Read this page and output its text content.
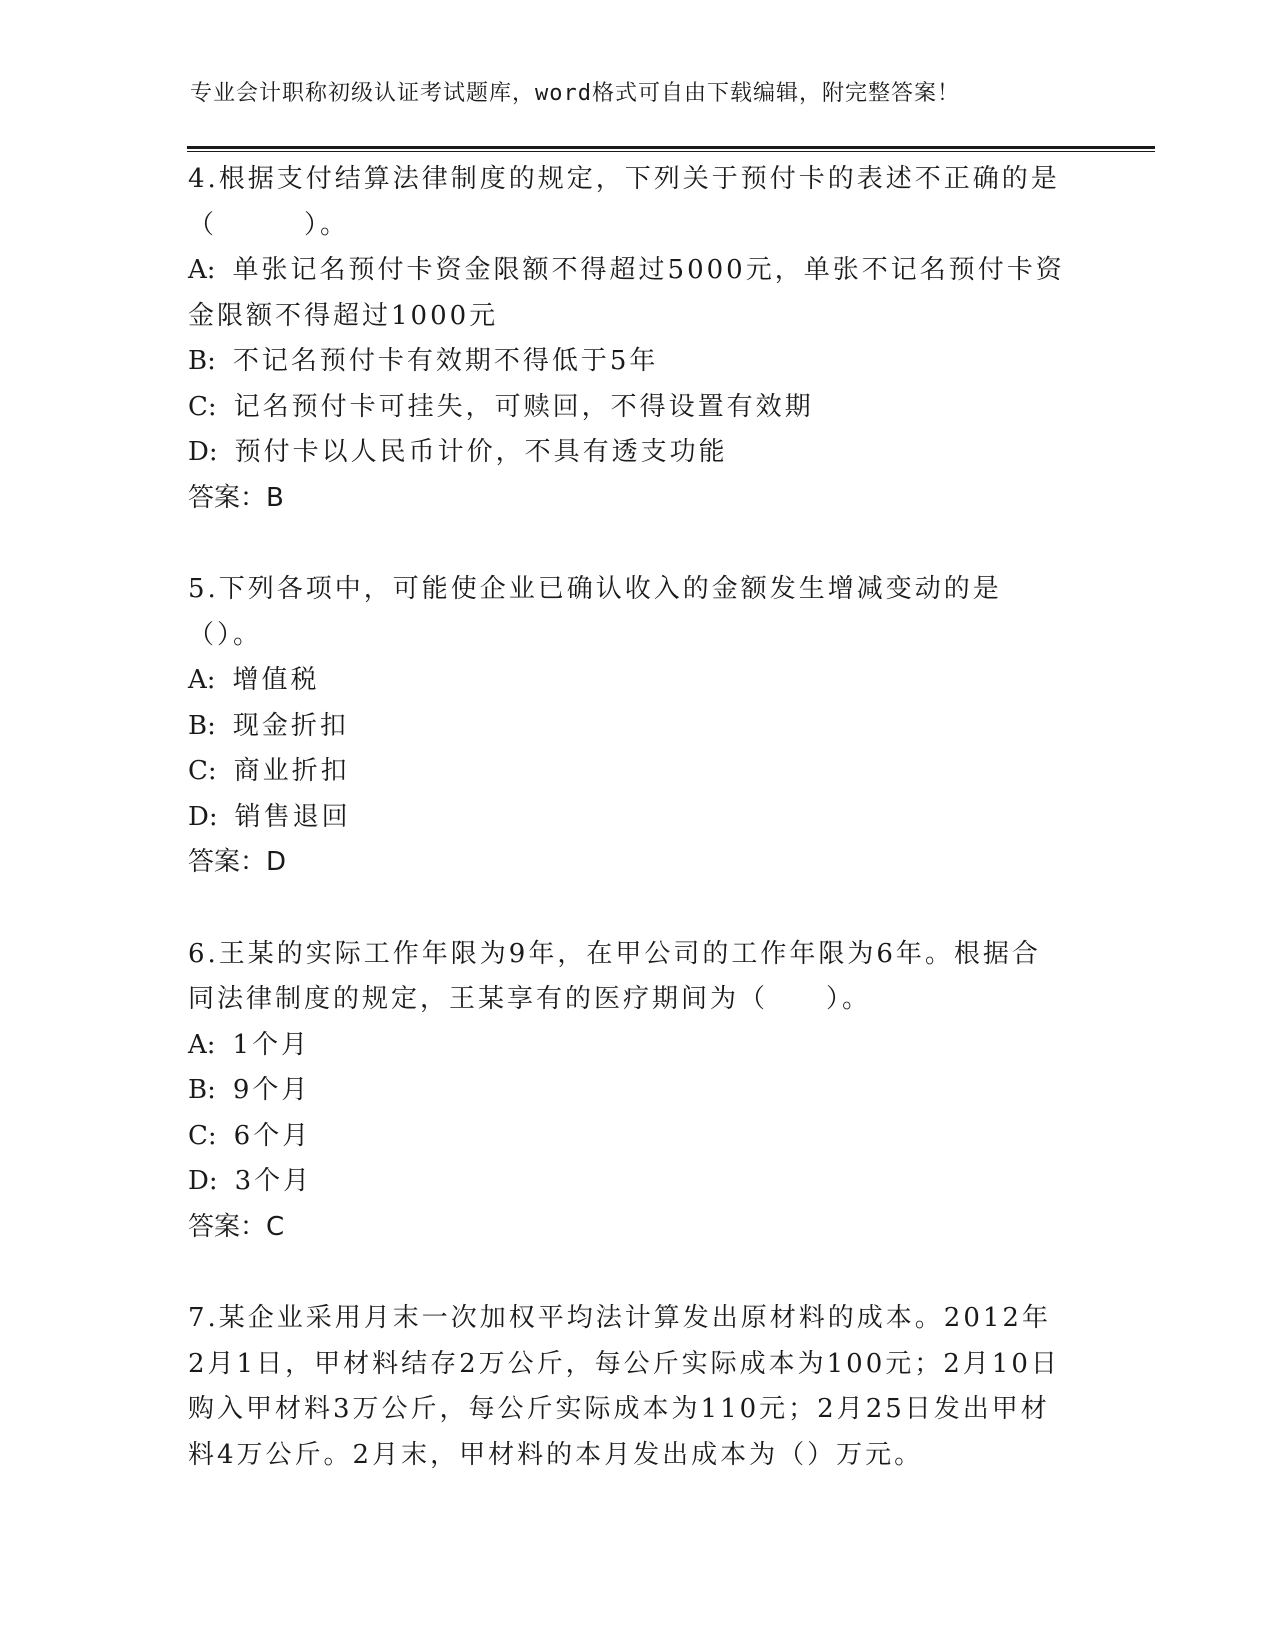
专业会计职称初级认证考试题库，word格式可自由下载编辑，附完整答案！

4.根据支付结算法律制度的规定，下列关于预付卡的表述不正确的是（　　　）。

A: 单张记名预付卡资金限额不得超过5000元，单张不记名预付卡资金限额不得超过1000元

B: 不记名预付卡有效期不得低于5年

C: 记名预付卡可挂失，可赎回，不得设置有效期

D: 预付卡以人民币计价，不具有透支功能

答案：B

5.下列各项中，可能使企业已确认收入的金额发生增减变动的是（）。

A: 增值税

B: 现金折扣

C: 商业折扣

D: 销售退回

答案：D

6.王某的实际工作年限为9年，在甲公司的工作年限为6年。根据合同法律制度的规定，王某享有的医疗期间为（　　）。

A: 1个月

B: 9个月

C: 6个月

D: 3个月

答案：C

7.某企业采用月末一次加权平均法计算发出原材料的成本。2012年2月1日，甲材料结存2万公斤，每公斤实际成本为100元；2月10日购入甲材料3万公斤，每公斤实际成本为110元；2月25日发出甲材料4万公斤。2月末，甲材料的本月发出成本为（）万元。
